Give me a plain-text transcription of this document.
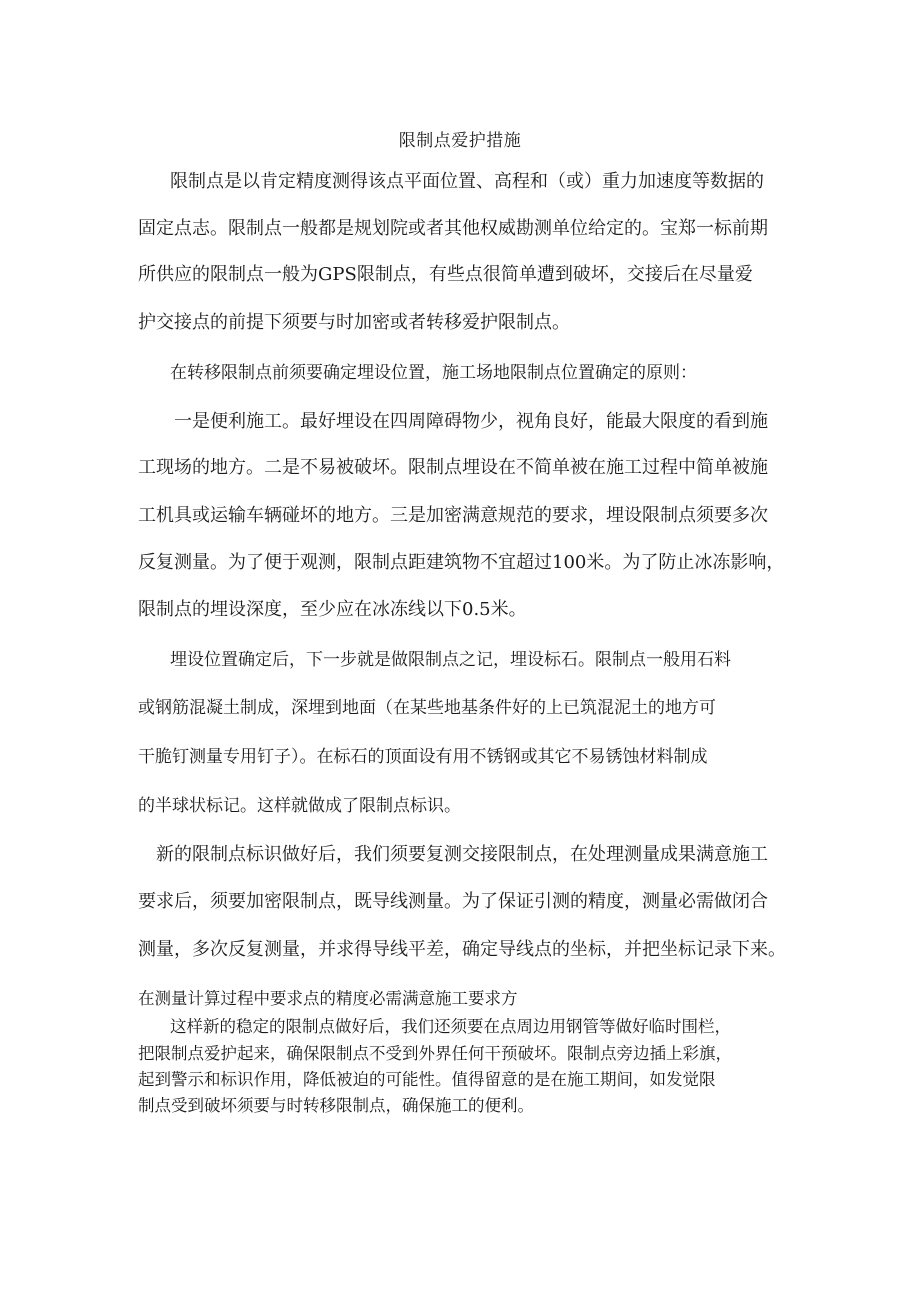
限制点爱护措施
限制点是以肯定精度测得该点平面位置、高程和（或）重力加速度等数据的
固定点志。限制点一般都是规划院或者其他权威勘测单位给定的。宝郑一标前期
所供应的限制点一般为GPS限制点，有些点很简单遭到破坏，交接后在尽量爱
护交接点的前提下须要与时加密或者转移爱护限制点。
在转移限制点前须要确定埋设位置，施工场地限制点位置确定的原则：
一是便利施工。最好埋设在四周障碍物少，视角良好，能最大限度的看到施
工现场的地方。二是不易被破坏。限制点埋设在不简单被在施工过程中简单被施
工机具或运输车辆碰坏的地方。三是加密满意规范的要求，埋设限制点须要多次
反复测量。为了便于观测，限制点距建筑物不宜超过100米。为了防止冰冻影响，
限制点的埋设深度，至少应在冰冻线以下0.5米。
埋设位置确定后，下一步就是做限制点之记，埋设标石。限制点一般用石料
或钢筋混凝土制成，深埋到地面（在某些地基条件好的上已筑混泥土的地方可
干脆钉测量专用钉子）。在标石的顶面设有用不锈钢或其它不易锈蚀材料制成
的半球状标记。这样就做成了限制点标识。
新的限制点标识做好后，我们须要复测交接限制点，在处理测量成果满意施工
要求后，须要加密限制点，既导线测量。为了保证引测的精度，测量必需做闭合
测量，多次反复测量，并求得导线平差，确定导线点的坐标，并把坐标记录下来。
在测量计算过程中要求点的精度必需满意施工要求方
这样新的稳定的限制点做好后，我们还须要在点周边用钢管等做好临时围栏，
把限制点爱护起来，确保限制点不受到外界任何干预破坏。限制点旁边插上彩旗，
起到警示和标识作用，降低被迫的可能性。值得留意的是在施工期间，如发觉限
制点受到破坏须要与时转移限制点，确保施工的便利。
